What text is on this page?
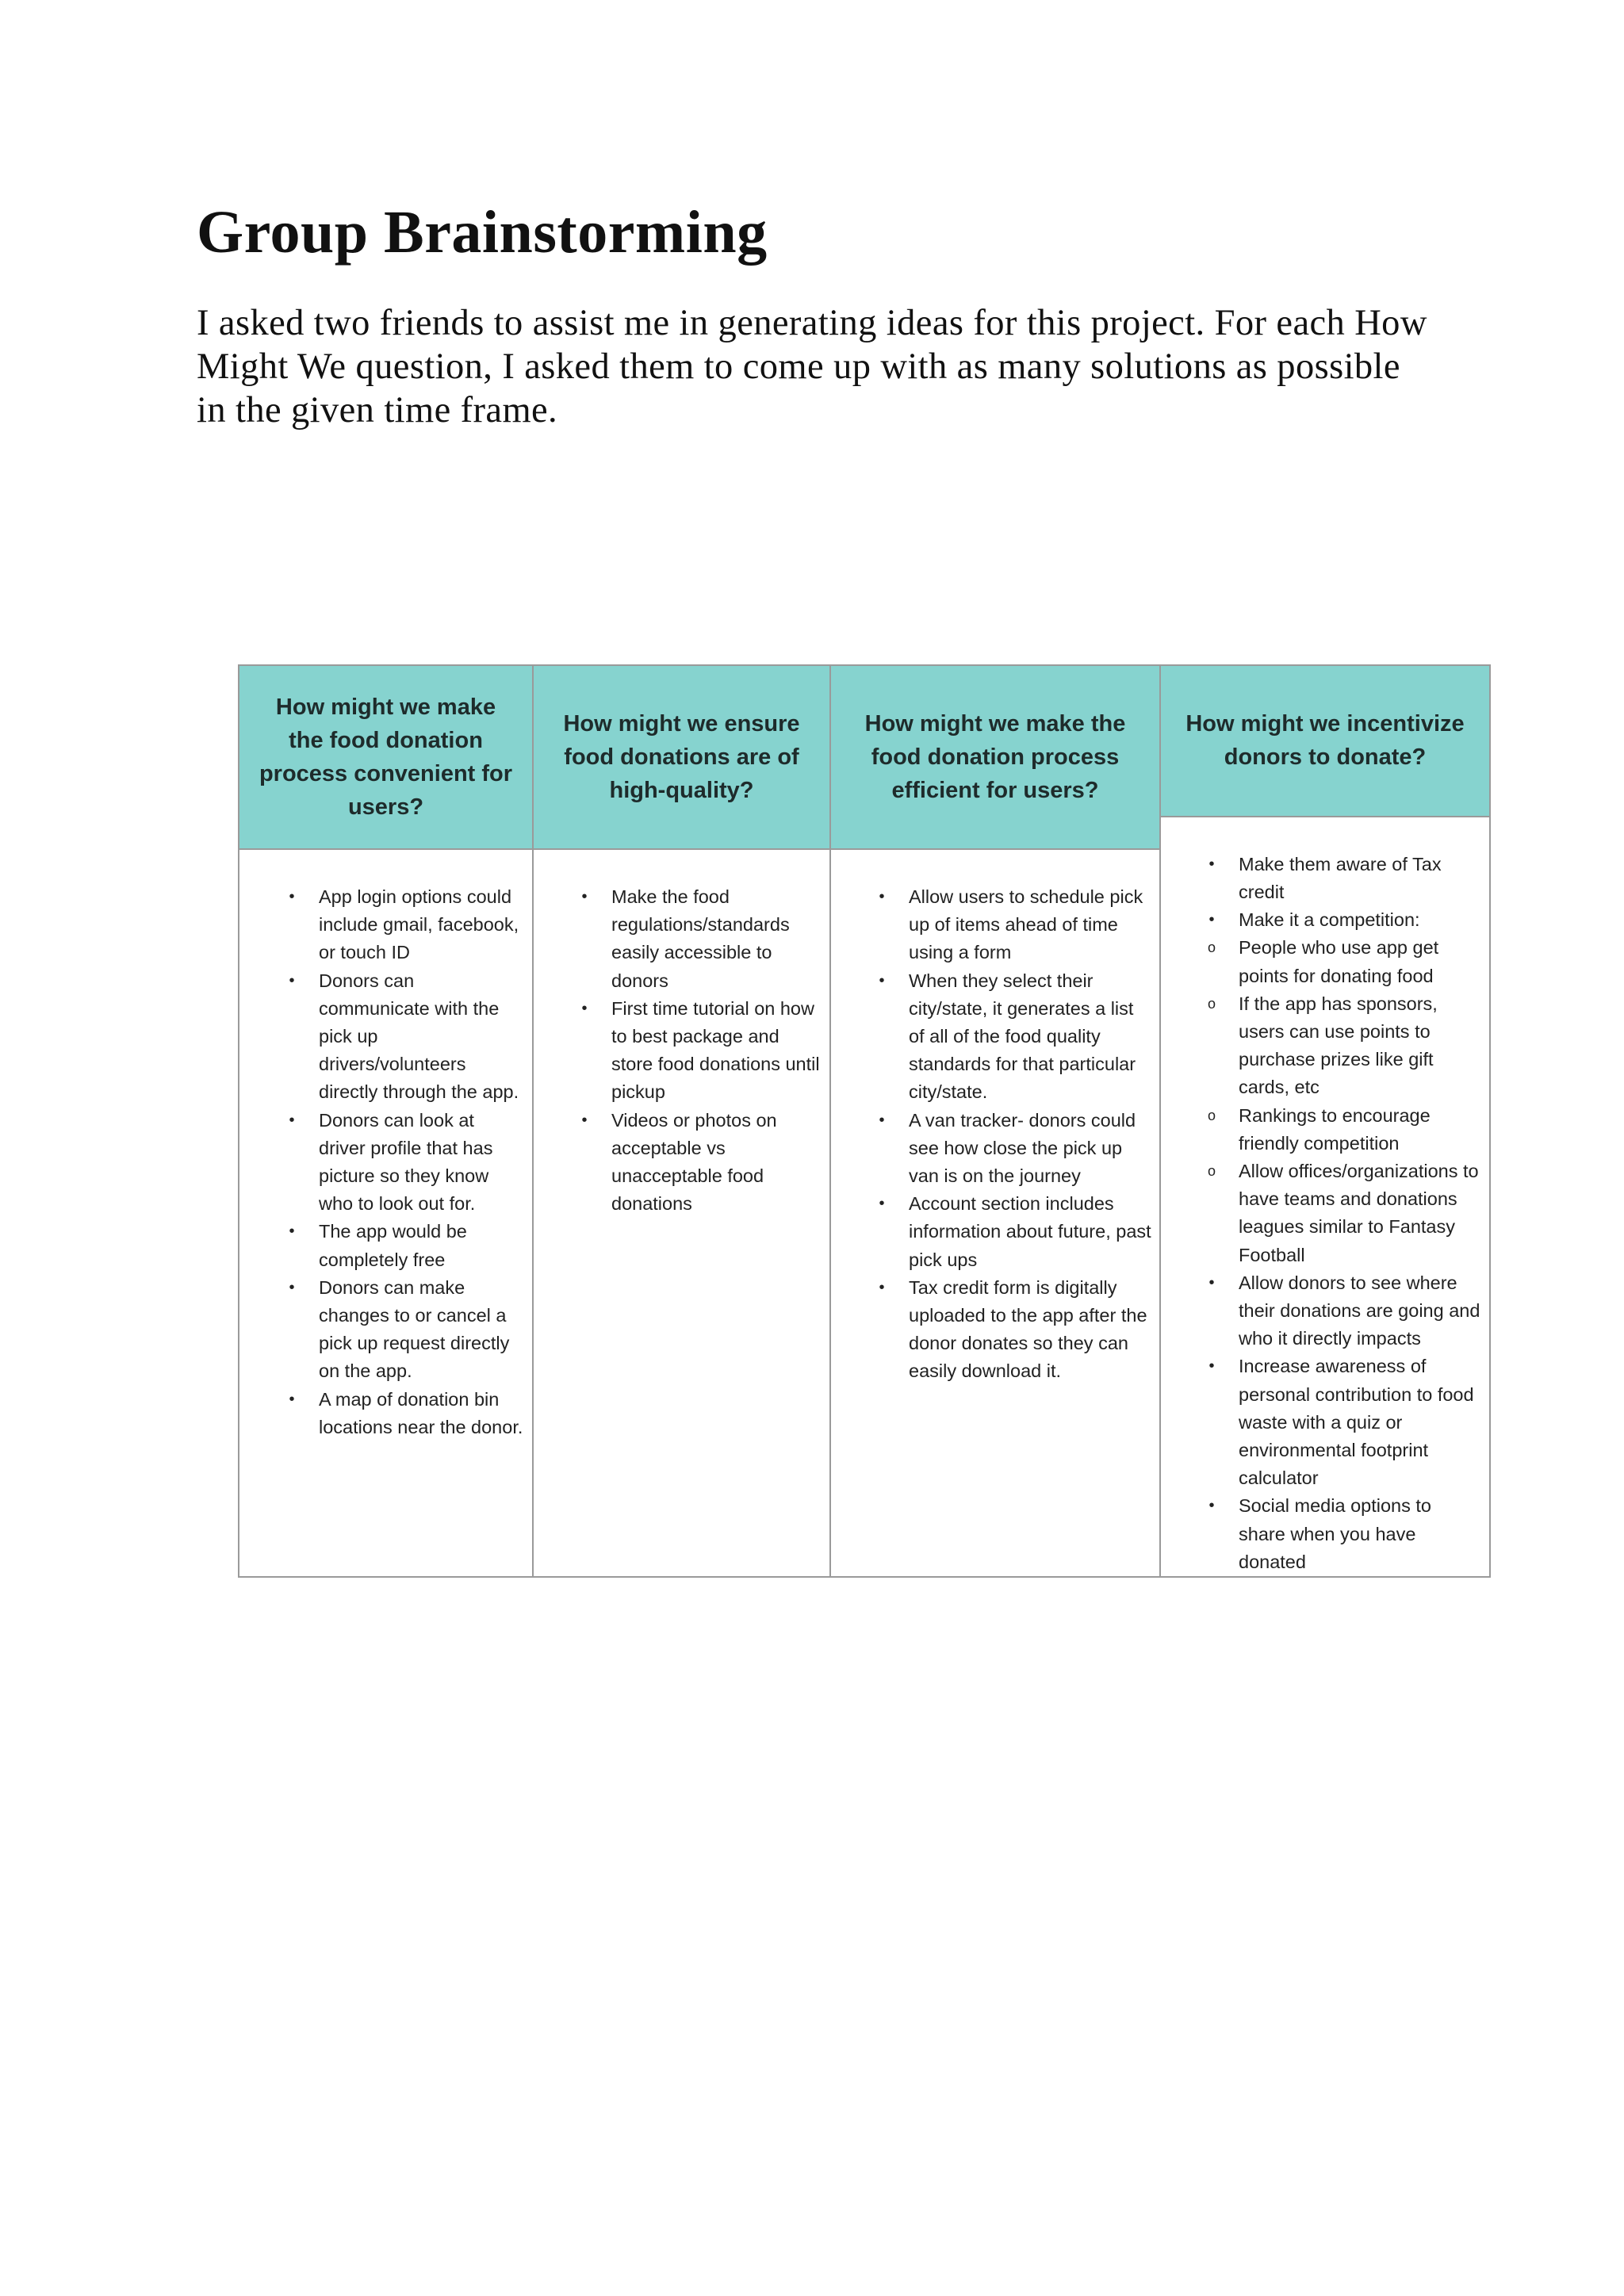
Group Brainstorming

I asked two friends to assist me in generating ideas for this project. For each How Might We question, I asked them to come up with as many solutions as possible in the given time frame.

How might we make the food donation process convenient for users?
• App login options could include gmail, facebook, or touch ID
• Donors can communicate with the pick up drivers/volunteers directly through the app.
• Donors can look at driver profile that has picture so they know who to look out for.
• The app would be completely free
• Donors can make changes to or cancel a pick up request directly on the app.
• A map of donation bin locations near the donor.
How might we ensure food donations are of high-quality?
• Make the food regulations/standards easily accessible to donors
• First time tutorial on how to best package and store food donations until pickup
• Videos or photos on acceptable vs unacceptable food donations
How might we make the food donation process efficient for users?
• Allow users to schedule pick up of items ahead of time using a form
• When they select their city/state, it generates a list of all of the food quality standards for that particular city/state.
• A van tracker- donors could see how close the pick up van is on the journey
• Account section includes information about future, past pick ups
• Tax credit form is digitally uploaded to the app after the donor donates so they can easily download it.
How might we incentivize donors to donate?
• Make them aware of Tax credit
• Make it a competition:
o People who use app get points for donating food
o If the app has sponsors, users can use points to purchase prizes like gift cards, etc
o Rankings to encourage friendly competition
o Allow offices/organizations to have teams and donations leagues similar to Fantasy Football
• Allow donors to see where their donations are going and who it directly impacts
• Increase awareness of personal contribution to food waste with a quiz or environmental footprint calculator
• Social media options to share when you have donated
